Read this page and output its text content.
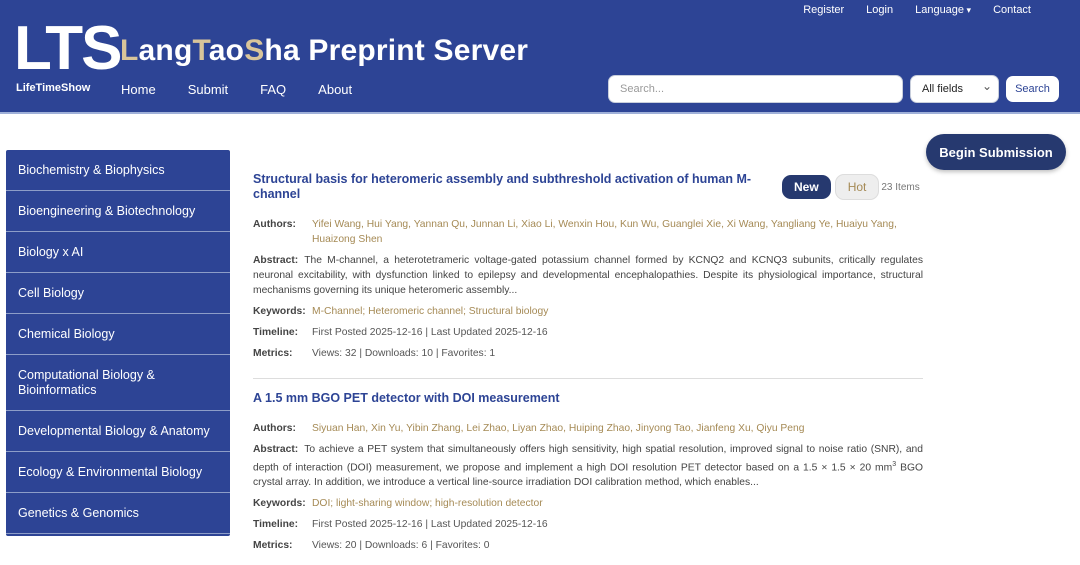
Register	Login	Language ▾	Contact
LTS
LifeTimeShow
LangTaoSha Preprint Server
Home Submit FAQ About
Search...	All fields ⌄	Search
Begin Submission
Biochemistry & Biophysics
Bioengineering & Biotechnology
Biology x AI
Cell Biology
Chemical Biology
Computational Biology & Bioinformatics
Developmental Biology & Anatomy
Ecology & Environmental Biology
Genetics & Genomics
New	Hot	23 Items
Structural basis for heteromeric assembly and subthreshold activation of human M-channel
Authors:	Yifei Wang, Hui Yang, Yannan Qu, Junnan Li, Xiao Li, Wenxin Hou, Kun Wu, Guanglei Xie, Xi Wang, Yangliang Ye, Huaiyu Yang, Huaizong Shen
Abstract: The M-channel, a heterotetrameric voltage-gated potassium channel formed by KCNQ2 and KCNQ3 subunits, critically regulates neuronal excitability, with dysfunction linked to epilepsy and developmental encephalopathies. Despite its physiological importance, structural mechanisms governing its unique heteromeric assembly...
Keywords: M-Channel; Heteromeric channel; Structural biology
Timeline:	First Posted 2025-12-16 | Last Updated 2025-12-16
Metrics:	Views: 32 | Downloads: 10 | Favorites: 1
A 1.5 mm BGO PET detector with DOI measurement
Authors:	Siyuan Han, Xin Yu, Yibin Zhang, Lei Zhao, Liyan Zhao, Huiping Zhao, Jinyong Tao, Jianfeng Xu, Qiyu Peng
Abstract: To achieve a PET system that simultaneously offers high sensitivity, high spatial resolution, improved signal to noise ratio (SNR), and depth of interaction (DOI) measurement, we propose and implement a high DOI resolution PET detector based on a 1.5 × 1.5 × 20 $mm^3$ BGO crystal array. In addition, we introduce a vertical line-source irradiation DOI calibration method, which enables...
Keywords: DOI; light-sharing window; high-resolution detector
Timeline:	First Posted 2025-12-16 | Last Updated 2025-12-16
Metrics:	Views: 20 | Downloads: 6 | Favorites: 0
